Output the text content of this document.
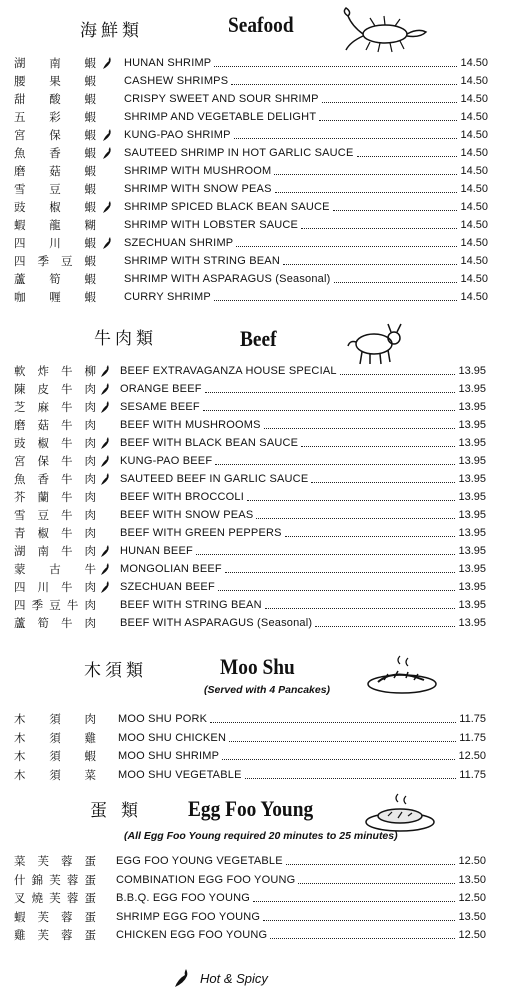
海鮮類	Seafood
湖 南 蝦	HUNAN SHRIMP	14.50
腰 果 蝦	CASHEW SHRIMPS	14.50
甜 酸 蝦	CRISPY SWEET AND SOUR SHRIMP	14.50
五 彩 蝦	SHRIMP AND VEGETABLE DELIGHT	14.50
宮 保 蝦	KUNG-PAO SHRIMP	14.50
魚 香 蝦	SAUTEED SHRIMP IN HOT GARLIC SAUCE	14.50
磨 菇 蝦	SHRIMP WITH MUSHROOM	14.50
雪 豆 蝦	SHRIMP WITH SNOW PEAS	14.50
豉 椒 蝦	SHRIMP SPICED BLACK BEAN SAUCE	14.50
蝦 龍 糊	SHRIMP WITH LOBSTER SAUCE	14.50
四 川 蝦	SZECHUAN SHRIMP	14.50
四 季 豆 蝦	SHRIMP WITH STRING BEAN	14.50
蘆 筍 蝦	SHRIMP WITH ASPARAGUS (Seasonal)	14.50
咖 喱 蝦	CURRY SHRIMP	14.50
牛肉類	Beef
軟 炸 牛 柳 BEEF EXTRAVAGANZA HOUSE SPECIAL	13.95
陳 皮 牛 肉 ORANGE BEEF	13.95
芝 麻 牛 肉 SESAME BEEF	13.95
磨 菇 牛 肉 BEEF WITH MUSHROOMS	13.95
豉 椒 牛 肉 BEEF WITH BLACK BEAN SAUCE	13.95
宮 保 牛 肉 KUNG-PAO BEEF	13.95
魚 香 牛 肉 SAUTEED BEEF IN GARLIC SAUCE	13.95
芥 蘭 牛 肉 BEEF WITH BROCCOLI	13.95
雪 豆 牛 肉 BEEF WITH SNOW PEAS	13.95
青 椒 牛 肉 BEEF WITH GREEN PEPPERS	13.95
湖 南 牛 肉 HUNAN BEEF	13.95
蒙 古 牛 MONGOLIAN BEEF	13.95
四 川 牛 肉 SZECHUAN BEEF	13.95
四 季 豆 牛 肉 BEEF WITH STRING BEAN	13.95
蘆 筍 牛 肉 BEEF WITH ASPARAGUS (Seasonal)	13.95
木須類	Moo Shu
(Served with 4 Pancakes)
木 須 肉 MOO SHU PORK	11.75
木 須 雞 MOO SHU CHICKEN	11.75
木 須 蝦 MOO SHU SHRIMP	12.50
木 須 菜 MOO SHU VEGETABLE	11.75
蛋類 Egg Foo Young
(All Egg Foo Young required 20 minutes to 25 minutes)
菜 芙 蓉 蛋 EGG FOO YOUNG VEGETABLE	12.50
什 錦 芙 蓉 蛋 COMBINATION EGG FOO YOUNG	13.50
叉 燒 芙 蓉 蛋 B.B.Q. EGG FOO YOUNG	12.50
蝦 芙 蓉 蛋 SHRIMP EGG FOO YOUNG	13.50
雞 芙 蓉 蛋 CHICKEN EGG FOO YOUNG	12.50
Hot & Spicy
